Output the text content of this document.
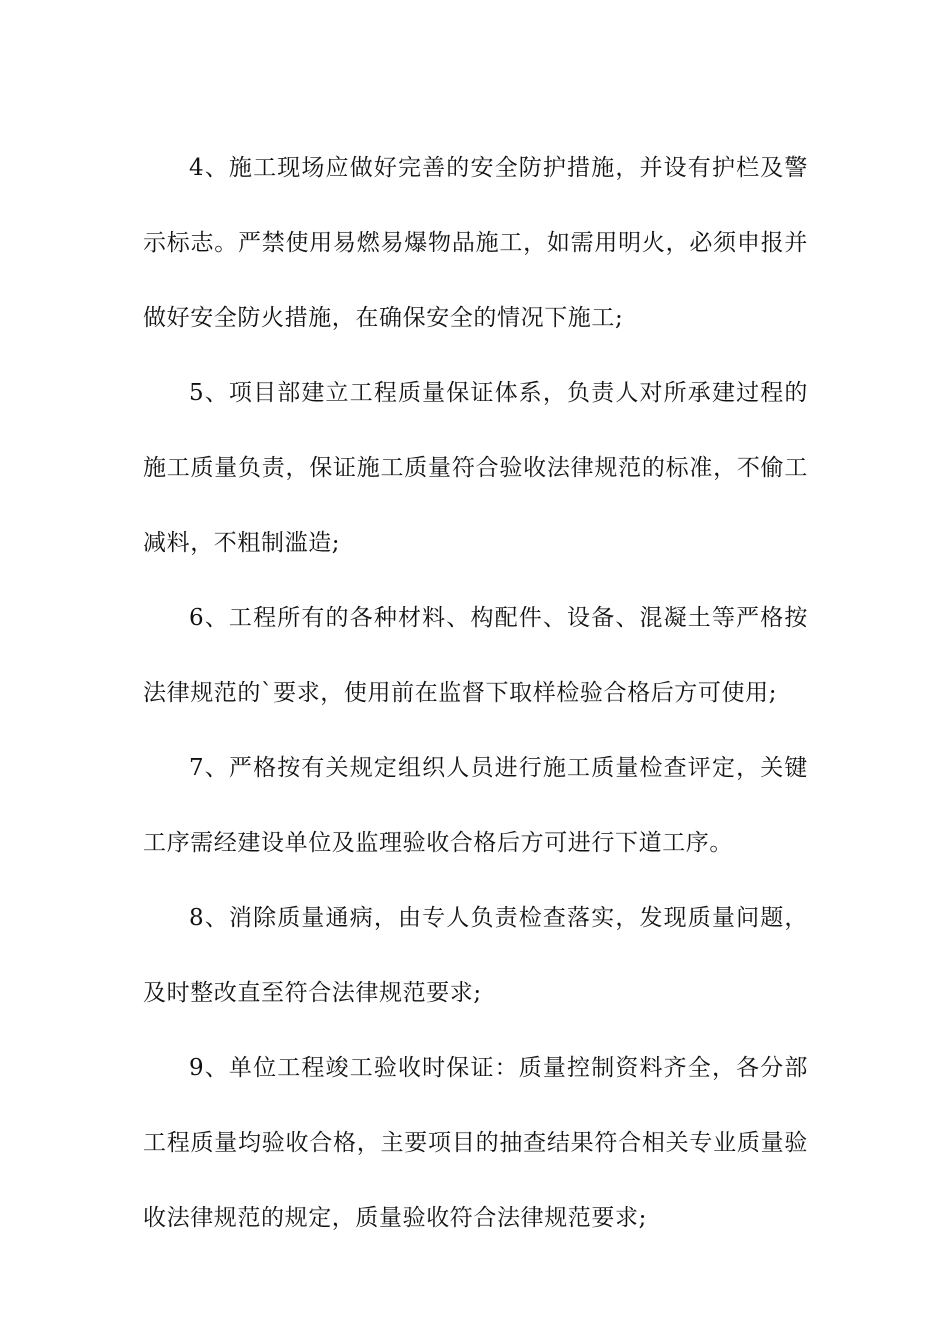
4、施工现场应做好完善的安全防护措施，并设有护栏及警示标志。严禁使用易燃易爆物品施工，如需用明火，必须申报并做好安全防火措施，在确保安全的情况下施工;

5、项目部建立工程质量保证体系，负责人对所承建过程的施工质量负责，保证施工质量符合验收法律规范的标准，不偷工减料，不粗制滥造;

6、工程所有的各种材料、构配件、设备、混凝土等严格按法律规范的`要求，使用前在监督下取样检验合格后方可使用;

7、严格按有关规定组织人员进行施工质量检查评定，关键工序需经建设单位及监理验收合格后方可进行下道工序。

8、消除质量通病，由专人负责检查落实，发现质量问题，及时整改直至符合法律规范要求;

9、单位工程竣工验收时保证：质量控制资料齐全，各分部工程质量均验收合格，主要项目的抽查结果符合相关专业质量验收法律规范的规定，质量验收符合法律规范要求;
